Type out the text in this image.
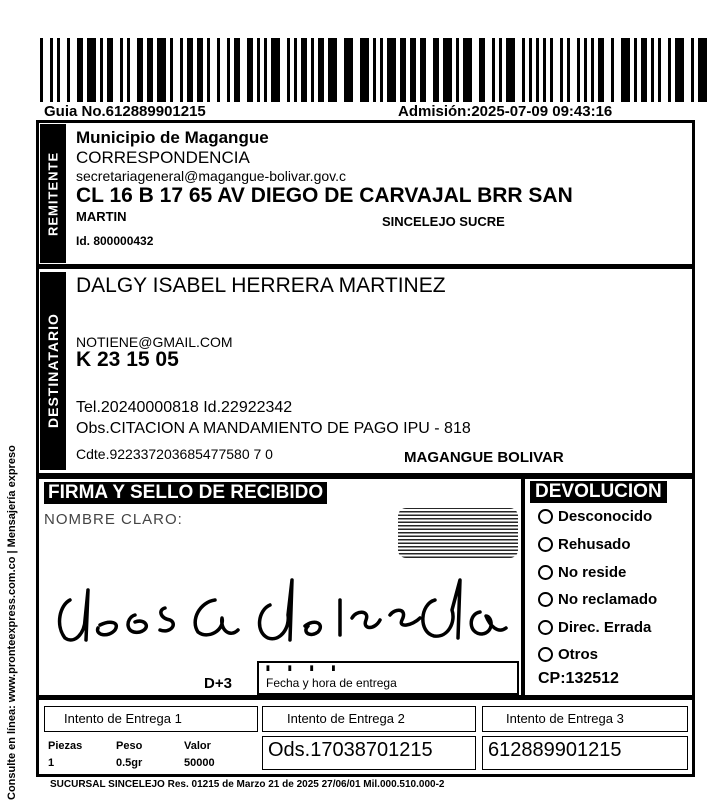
Guia No.612889901215	Admisión:2025-07-09 09:43:16
REMITENTE
Municipio de Magangue
CORRESPONDENCIA
secretariageneral@magangue-bolivar.gov.c
CL 16 B 17 65 AV DIEGO DE CARVAJAL BRR SAN
MARTIN	SINCELEJO SUCRE
Id. 800000432
DESTINATARIO
DALGY ISABEL HERRERA MARTINEZ
NOTIENE@GMAIL.COM
K 23 15 05
Tel.20240000818 Id.22922342
Obs.CITACION A MANDAMIENTO DE PAGO IPU - 818
Cdte.922337203685477580 7 0	MAGANGUE BOLIVAR
FIRMA Y SELLO DE RECIBIDO
NOMBRE CLARO:
D+3
▮▮▮▮
Fecha y hora de entrega
DEVOLUCION
Desconocido
Rehusado
No reside
No reclamado
Direc. Errada
Otros
CP:132512
Intento de Entrega 1	Intento de Entrega 2	Intento de Entrega 3
Piezas	Peso	Valor
1	0.5gr	50000
Ods.17038701215	612889901215
SUCURSAL SINCELEJO Res. 01215 de Marzo 21 de 2025 27/06/01 Mil.000.510.000-2
Consulte en línea: www.pronteexpress.com.co | Mensajería expreso
